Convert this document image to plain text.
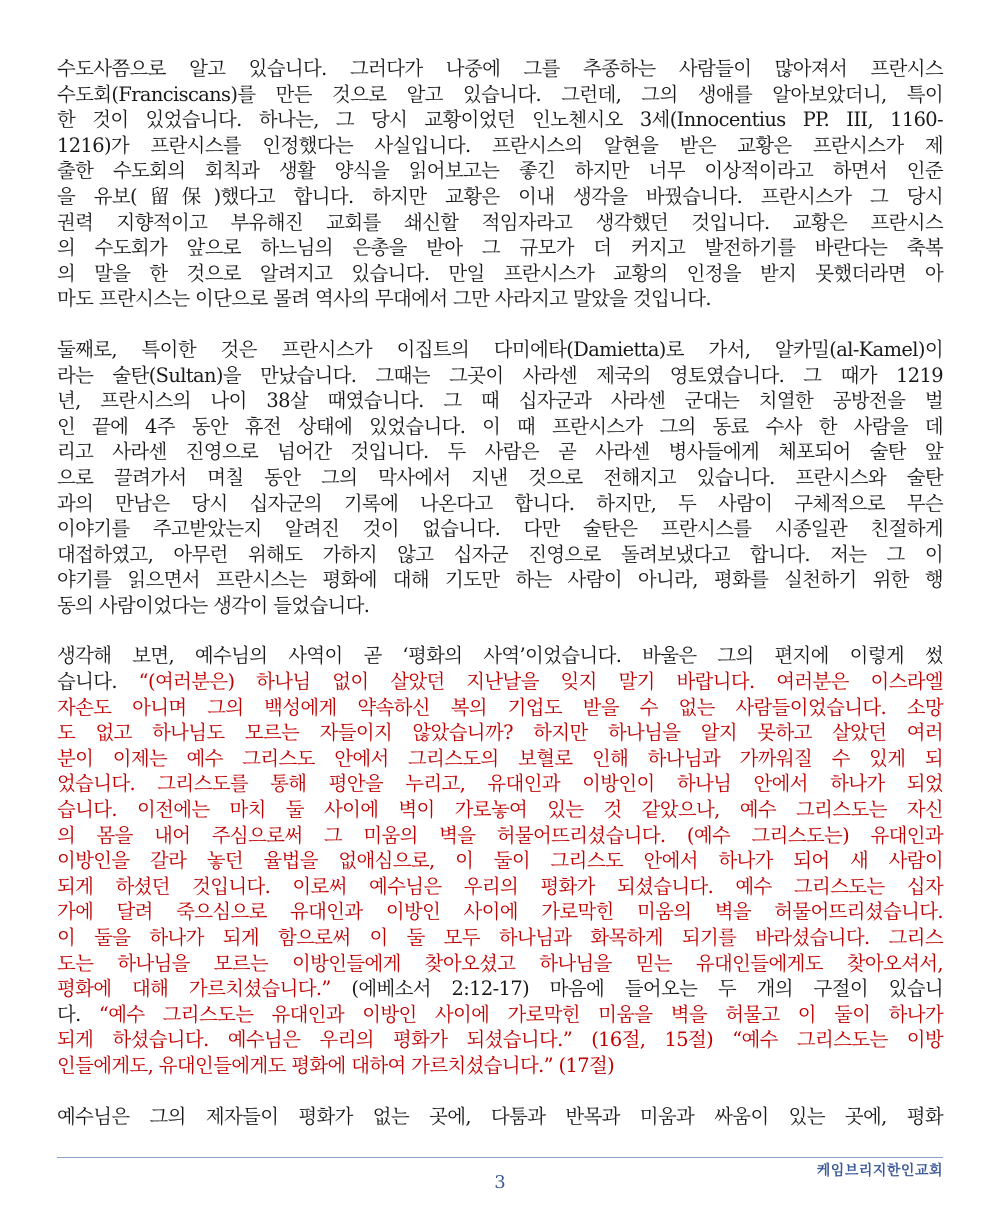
수도사쯤으로 알고 있습니다. 그러다가 나중에 그를 추종하는 사람들이 많아져서 프란시스
수도회(Franciscans)를 만든 것으로 알고 있습니다. 그런데, 그의 생애를 알아보았더니, 특이
한 것이 있었습니다. 하나는, 그 당시 교황이었던 인노첸시오 3세(Innocentius PP. III, 1160-
1216)가 프란시스를 인정했다는 사실입니다. 프란시스의 알현을 받은 교황은 프란시스가 제
출한 수도회의 회칙과 생활 양식을 읽어보고는 좋긴 하지만 너무 이상적이라고 하면서 인준
을 유보(留保)했다고 합니다. 하지만 교황은 이내 생각을 바꿨습니다. 프란시스가 그 당시
권력 지향적이고 부유해진 교회를 쇄신할 적임자라고 생각했던 것입니다. 교황은 프란시스
의 수도회가 앞으로 하느님의 은총을 받아 그 규모가 더 커지고 발전하기를 바란다는 축복
의 말을 한 것으로 알려지고 있습니다. 만일 프란시스가 교황의 인정을 받지 못했더라면 아
마도 프란시스는 이단으로 몰려 역사의 무대에서 그만 사라지고 말았을 것입니다.

둘째로, 특이한 것은 프란시스가 이집트의 다미에타(Damietta)로 가서, 알카밀(al-Kamel)이
라는 술탄(Sultan)을 만났습니다. 그때는 그곳이 사라센 제국의 영토였습니다. 그 때가 1219
년, 프란시스의 나이 38살 때였습니다. 그 때 십자군과 사라센 군대는 치열한 공방전을 벌
인 끝에 4주 동안 휴전 상태에 있었습니다. 이 때 프란시스가 그의 동료 수사 한 사람을 데
리고 사라센 진영으로 넘어간 것입니다. 두 사람은 곧 사라센 병사들에게 체포되어 술탄 앞
으로 끌려가서 며칠 동안 그의 막사에서 지낸 것으로 전해지고 있습니다. 프란시스와 술탄
과의 만남은 당시 십자군의 기록에 나온다고 합니다. 하지만, 두 사람이 구체적으로 무슨
이야기를 주고받았는지 알려진 것이 없습니다. 다만 술탄은 프란시스를 시종일관 친절하게
대접하였고, 아무런 위해도 가하지 않고 십자군 진영으로 돌려보냈다고 합니다. 저는 그 이
야기를 읽으면서 프란시스는 평화에 대해 기도만 하는 사람이 아니라, 평화를 실천하기 위한 행
동의 사람이었다는 생각이 들었습니다.

생각해 보면, 예수님의 사역이 곧 ‘평화의 사역’이었습니다. 바울은 그의 편지에 이렇게 썼
습니다. “(여러분은) 하나님 없이 살았던 지난날을 잊지 말기 바랍니다. 여러분은 이스라엘
자손도 아니며 그의 백성에게 약속하신 복의 기업도 받을 수 없는 사람들이었습니다. 소망
도 없고 하나님도 모르는 자들이지 않았습니까? 하지만 하나님을 알지 못하고 살았던 여러
분이 이제는 예수 그리스도 안에서 그리스도의 보혈로 인해 하나님과 가까워질 수 있게 되
었습니다. 그리스도를 통해 평안을 누리고, 유대인과 이방인이 하나님 안에서 하나가 되었
습니다. 이전에는 마치 둘 사이에 벽이 가로놓여 있는 것 같았으나, 예수 그리스도는 자신
의 몸을 내어 주심으로써 그 미움의 벽을 허물어뜨리셨습니다. (예수 그리스도는) 유대인과
이방인을 갈라 놓던 율법을 없애심으로, 이 둘이 그리스도 안에서 하나가 되어 새 사람이
되게 하셨던 것입니다. 이로써 예수님은 우리의 평화가 되셨습니다. 예수 그리스도는 십자
가에 달려 죽으심으로 유대인과 이방인 사이에 가로막힌 미움의 벽을 허물어뜨리셨습니다.
이 둘을 하나가 되게 함으로써 이 둘 모두 하나님과 화목하게 되기를 바라셨습니다. 그리스
도는 하나님을 모르는 이방인들에게 찾아오셨고 하나님을 믿는 유대인들에게도 찾아오셔서,
평화에 대해 가르치셨습니다.” (에베소서 2:12-17) 마음에 들어오는 두 개의 구절이 있습니
다. “예수 그리스도는 유대인과 이방인 사이에 가로막힌 미움을 벽을 허물고 이 둘이 하나가
되게 하셨습니다. 예수님은 우리의 평화가 되셨습니다.” (16절, 15절) “예수 그리스도는 이방
인들에게도, 유대인들에게도 평화에 대하여 가르치셨습니다.” (17절)

예수님은 그의 제자들이 평화가 없는 곳에, 다툼과 반목과 미움과 싸움이 있는 곳에, 평화

케임브리지한인교회
3
